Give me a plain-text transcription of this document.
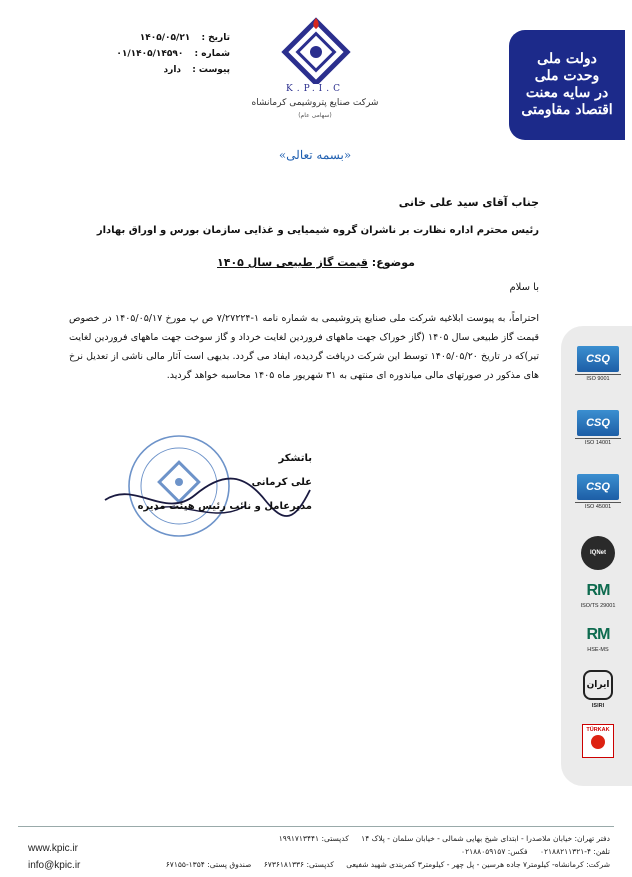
دولت ملی
وحدت ملی
در سایه معنت
اقتصاد مقاومتی
K.P.I.C
شرکت صنایع پتروشیمی کرمانشاه
(سهامی عام)
تاریخ : ۱۴۰۵/۰۵/۲۱
شماره : ۰۱/۱۴۰۵/۱۴۵۹۰
پیوست : دارد
«بسمه تعالی»
جناب آقای سید علی خانی
رئیس محترم اداره نظارت بر ناشران گروه شیمیایی و غذایی سازمان بورس و اوراق بهادار
موضوع: قیمت گاز طبیعی سال ۱۴۰۵
با سلام
احتراماً، به پیوست ابلاغیه شرکت ملی صنایع پتروشیمی به شماره نامه ۱-۷/۲۷۲۲۴ ص پ مورخ ۱۴۰۵/۰۵/۱۷ در خصوص قیمت گاز طبیعی سال ۱۴۰۵ (گاز خوراک جهت ماههای فروردین لغایت خرداد و گاز سوخت جهت ماههای فروردین لغایت تیر)که در تاریخ ۱۴۰۵/۰۵/۲۰ توسط این شرکت دریافت گردیده، ایفاد می گردد. بدیهی است آثار مالی ناشی از تعدیل نرخ های مذکور در صورتهای مالی میاندوره ای منتهی به ۳۱ شهریور ماه ۱۴۰۵ محاسبه خواهد گردید.
باتشکر
علی کرمانی
مدیرعامل و نائب رئیس هیئت مدیره
CSQ
ISO 9001
CSQ
ISO 14001
CSQ
ISO 45001
IQNet
RM
ISO/TS 29001
RM
HSE-MS
ایران
ISIRI
TÜRKAK
www.kpic.ir
info@kpic.ir
دفتر تهران: خیابان ملاصدرا - ابتدای شیخ بهایی شمالی - خیابان سلمان - پلاک ۱۴ کدپستی: ۱۹۹۱۷۱۳۴۴۱
تلفن: ۴-۰۲۱۸۸۲۱۱۳۲۱ فکس: ۰۲۱۸۸۰۵۹۱۵۷
شرکت: کرمانشاه- کیلومتر۷ جاده هرسین - پل چهر - کیلومتر۳ کمربندی شهید شفیعی کدپستی: ۶۷۳۶۱۸۱۳۳۶ صندوق پستی: ۱۳۵۴-۶۷۱۵۵
